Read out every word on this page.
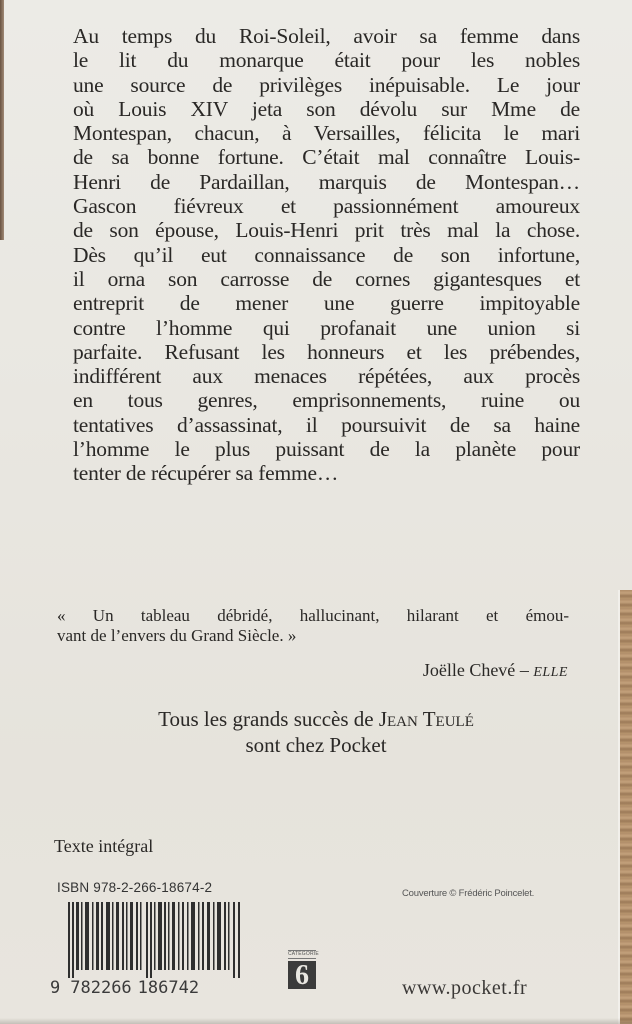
Au temps du Roi-Soleil, avoir sa femme dans
le lit du monarque était pour les nobles
une source de privilèges inépuisable. Le jour
où Louis XIV jeta son dévolu sur Mme de
Montespan, chacun, à Versailles, félicita le mari
de sa bonne fortune. C’était mal connaître Louis-
Henri de Pardaillan, marquis de Montespan…
Gascon fiévreux et passionnément amoureux
de son épouse, Louis-Henri prit très mal la chose.
Dès qu’il eut connaissance de son infortune,
il orna son carrosse de cornes gigantesques et
entreprit de mener une guerre impitoyable
contre l’homme qui profanait une union si
parfaite. Refusant les honneurs et les prébendes,
indifférent aux menaces répétées, aux procès
en tous genres, emprisonnements, ruine ou
tentatives d’assassinat, il poursuivit de sa haine
l’homme le plus puissant de la planète pour
tenter de récupérer sa femme…
« Un tableau débridé, hallucinant, hilarant et émou-
vant de l’envers du Grand Siècle. »
Joëlle Chevé – ELLE
Tous les grands succès de Jean Teulé
sont chez Pocket
Texte intégral
ISBN 978-2-266-18674-2	Couverture © Frédéric Poincelet.
9 782266 186742
CATÉGORIE
6	www.pocket.fr
